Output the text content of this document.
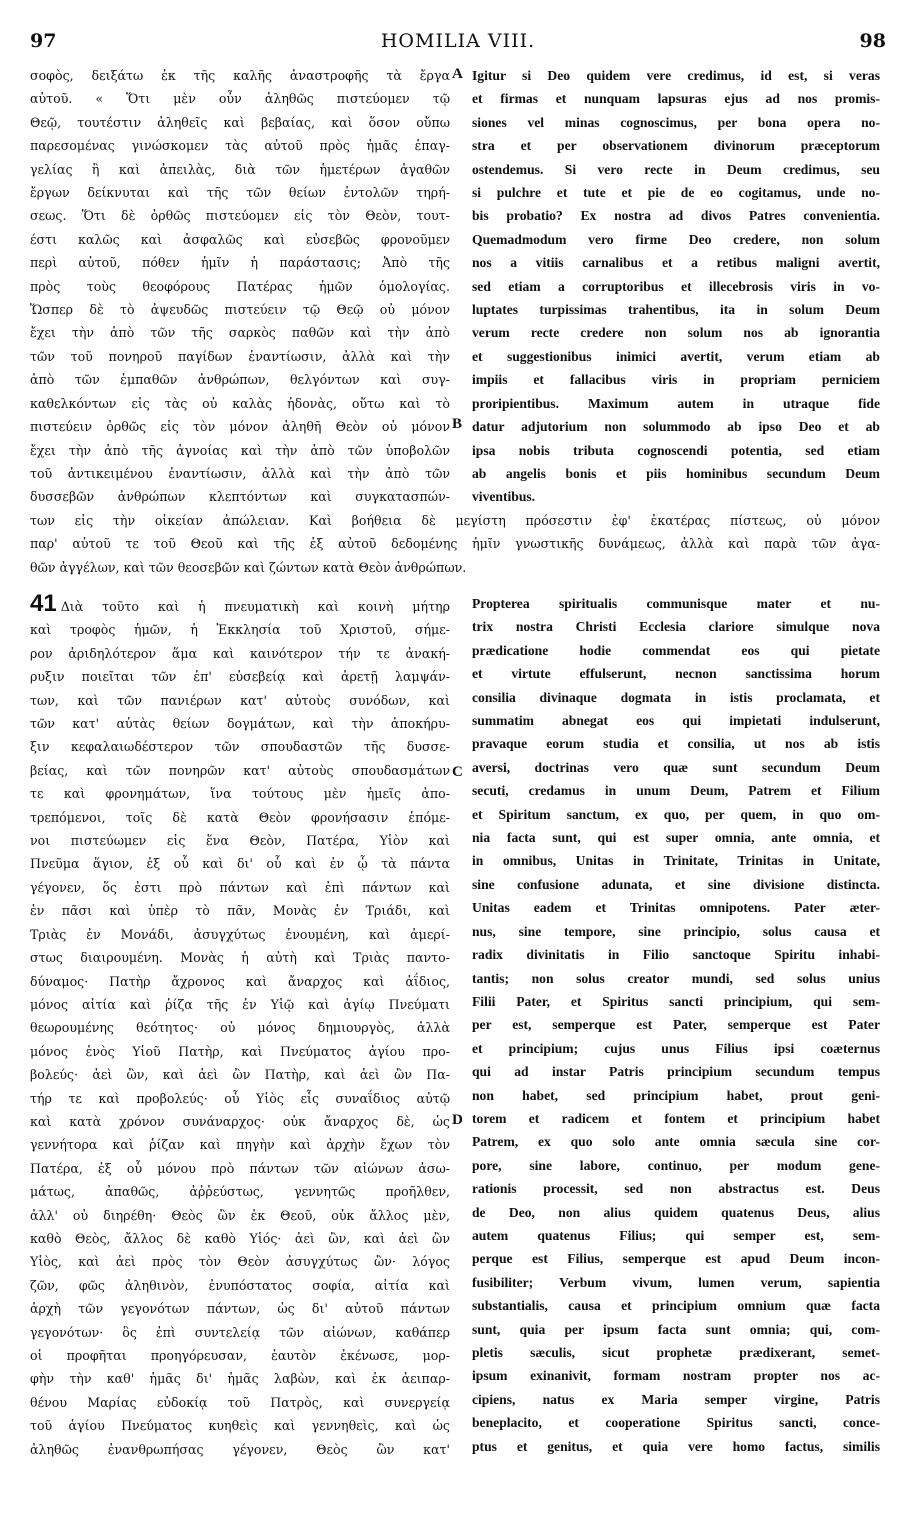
97	HOMILIA VIII.	98
σοφὸς, δειξάτω ἐκ τῆς καλῆς ἀναστροφῆς τὰ ἔργα
αὐτοῦ. « Ὅτι μὲν οὖν ἀληθῶς πιστεύομεν τῷ
Θεῷ, τουτέστιν ἀληθεῖς καὶ βεβαίας, καὶ ὅσον οὔπω
παρεσομένας γινώσκομεν τὰς αὐτοῦ πρὸς ἡμᾶς ἐπαγ-
γελίας ἢ καὶ ἀπειλὰς, διὰ τῶν ἡμετέρων ἀγαθῶν
ἔργων δείκνυται καὶ τῆς τῶν θείων ἐντολῶν τηρή-
σεως. Ὅτι δὲ ὀρθῶς πιστεύομεν εἰς τὸν Θεὸν, τουτ-
έστι καλῶς καὶ ἀσφαλῶς καὶ εὐσεβῶς φρονοῦμεν
περὶ αὐτοῦ, πόθεν ἡμῖν ἡ παράστασις; Ἀπὸ τῆς
πρὸς τοὺς θεοφόρους Πατέρας ἡμῶν ὁμολογίας.
Ὥσπερ δὲ τὸ ἀψευδῶς πιστεύειν τῷ Θεῷ οὐ μόνον
ἔχει τὴν ἀπὸ τῶν τῆς σαρκὸς παθῶν καὶ τὴν ἀπὸ
τῶν τοῦ πονηροῦ παγίδων ἐναντίωσιν, ἀλλὰ καὶ τὴν
ἀπὸ τῶν ἐμπαθῶν ἀνθρώπων, θελγόντων καὶ συγ-
καθελκόντων εἰς τὰς οὐ καλὰς ἡδονὰς, οὕτω καὶ τὸ
πιστεύειν ὀρθῶς εἰς τὸν μόνον ἀληθῆ Θεὸν οὐ μόνον
ἔχει τὴν ἀπὸ τῆς ἀγνοίας καὶ τὴν ἀπὸ τῶν ὑποβολῶν
τοῦ ἀντικειμένου ἐναντίωσιν, ἀλλὰ καὶ τὴν ἀπὸ τῶν
δυσσεβῶν ἀνθρώπων κλεπτόντων καὶ συγκατασπών-
Igitur si Deo quidem vere credimus, id est, si veras
et firmas et nunquam lapsuras ejus ad nos promis-
siones vel minas cognoscimus, per bona opera no-
stra et per observationem divinorum præceptorum
ostendemus. Si vero recte in Deum credimus, seu
si pulchre et tute et pie de eo cogitamus, unde no-
bis probatio? Ex nostra ad divos Patres convenientia.
Quemadmodum vero firme Deo credere, non solum
nos a vitiis carnalibus et a retibus maligni avertit,
sed etiam a corruptoribus et illecebrosis viris in vo-
luptates turpissimas trahentibus, ita in solum Deum
verum recte credere non solum nos ab ignorantia
et suggestionibus inimici avertit, verum etiam ab
impiis et fallacibus viris in propriam perniciem
proripientibus. Maximum autem in utraque fide
datur adjutorium non solummodo ab ipso Deo et ab
ipsa nobis tributa cognoscendi potentia, sed etiam
ab angelis bonis et piis hominibus secundum Deum
viventibus.
των εἰς τὴν οἰκείαν ἀπώλειαν. Καὶ βοήθεια δὲ μεγίστη πρόσεστιν ἐφ' ἑκατέρας πίστεως, οὐ μόνον
παρ' αὐτοῦ τε τοῦ Θεοῦ καὶ τῆς ἐξ αὐτοῦ δεδομένης ἡμῖν γνωστικῆς δυνάμεως, ἀλλὰ καὶ παρὰ τῶν ἀγα-
θῶν ἀγγέλων, καὶ τῶν θεοσεβῶν καὶ ζώντων κατὰ Θεὸν ἀνθρώπων.
41 Διὰ τοῦτο καὶ ἡ πνευματικὴ καὶ κοινὴ μήτηρ
καὶ τροφὸς ἡμῶν, ἡ Ἐκκλησία τοῦ Χριστοῦ, σήμε-
ρον ἀριδηλότερον ἅμα καὶ καινότερον τήν τε ἀνακή-
ρυξιν ποιεῖται τῶν ἐπ' εὐσεβείᾳ καὶ ἀρετῇ λαμψάν-
των, καὶ τῶν πανιέρων κατ' αὐτοὺς συνόδων, καὶ
τῶν κατ' αὐτὰς θείων δογμάτων, καὶ τὴν ἀποκήρυ-
ξιν κεφαλαιωδέστερον τῶν σπουδαστῶν τῆς δυσσε-
βείας, καὶ τῶν πονηρῶν κατ' αὐτοὺς σπουδασμάτων
τε καὶ φρονημάτων, ἵνα τούτους μὲν ἡμεῖς ἀπο-
τρεπόμενοι, τοῖς δὲ κατὰ Θεὸν φρονήσασιν ἑπόμε-
νοι πιστεύωμεν εἰς ἕνα Θεὸν, Πατέρα, Υἱὸν καὶ
Πνεῦμα ἅγιον, ἐξ οὗ καὶ δι' οὗ καὶ ἐν ᾧ τὰ πάντα
γέγονεν, ὅς ἐστι πρὸ πάντων καὶ ἐπὶ πάντων καὶ
ἐν πᾶσι καὶ ὑπὲρ τὸ πᾶν, Μονὰς ἐν Τριάδι, καὶ
Τριὰς ἐν Μονάδι, ἀσυγχύτως ἑνουμένη, καὶ ἀμερί-
στως διαιρουμένη. Μονὰς ἡ αὐτὴ καὶ Τριὰς παντο-
δύναμος· Πατὴρ ἄχρονος καὶ ἄναρχος καὶ ἀΐδιος,
μόνος αἰτία καὶ ῥίζα τῆς ἐν Υἱῷ καὶ ἁγίῳ Πνεύματι
θεωρουμένης θεότητος· οὐ μόνος δημιουργὸς, ἀλλὰ
μόνος ἑνὸς Υἱοῦ Πατὴρ, καὶ Πνεύματος ἁγίου προ-
βολεύς· ἀεὶ ὢν, καὶ ἀεὶ ὢν Πατὴρ, καὶ ἀεὶ ὢν Πα-
τήρ τε καὶ προβολεύς· οὗ Υἱὸς εἷς συναΐδιος αὐτῷ
καὶ κατὰ χρόνον συνάναρχος· οὐκ ἄναρχος δὲ, ὡς
γεννήτορα καὶ ῥίζαν καὶ πηγὴν καὶ ἀρχὴν ἔχων τὸν
Πατέρα, ἐξ οὗ μόνου πρὸ πάντων τῶν αἰώνων ἀσω-
μάτως, ἀπαθῶς, ἀῤῥεύστως, γεννητῶς προῆλθεν,
ἀλλ' οὐ διηρέθη· Θεὸς ὢν ἐκ Θεοῦ, οὐκ ἄλλος μὲν,
καθὸ Θεὸς, ἄλλος δὲ καθὸ Υἱός· ἀεὶ ὢν, καὶ ἀεὶ ὢν
Υἱὸς, καὶ ἀεὶ πρὸς τὸν Θεὸν ἀσυγχύτως ὢν· λόγος
ζῶν, φῶς ἀληθινὸν, ἐνυπόστατος σοφία, αἰτία καὶ
ἀρχὴ τῶν γεγονότων πάντων, ὡς δι' αὐτοῦ πάντων
γεγονότων· ὃς ἐπὶ συντελείᾳ τῶν αἰώνων, καθάπερ
οἱ προφῆται προηγόρευσαν, ἑαυτὸν ἐκένωσε, μορ-
φὴν τὴν καθ' ἡμᾶς δι' ἡμᾶς λαβὼν, καὶ ἐκ ἀειπαρ-
θένου Μαρίας εὐδοκίᾳ τοῦ Πατρὸς, καὶ συνεργείᾳ
τοῦ ἁγίου Πνεύματος κυηθεὶς καὶ γεννηθεὶς, καὶ ὡς
ἀληθῶς ἐνανθρωπήσας γέγονεν, Θεὸς ὢν κατ'
Propterea spiritualis communisque mater et nu-
trix nostra Christi Ecclesia clariore simulque nova
prædicatione hodie commendat eos qui pietate
et virtute effulserunt, necnon sanctissima horum
consilia divinaque dogmata in istis proclamata, et
summatim abnegat eos qui impietati indulserunt,
pravaque eorum studia et consilia, ut nos ab istis
aversi, doctrinas vero quæ sunt secundum Deum
secuti, credamus in unum Deum, Patrem et Filium
et Spiritum sanctum, ex quo, per quem, in quo om-
nia facta sunt, qui est super omnia, ante omnia, et
in omnibus, Unitas in Trinitate, Trinitas in Unitate,
sine confusione adunata, et sine divisione distincta.
Unitas eadem et Trinitas omnipotens. Pater æter-
nus, sine tempore, sine principio, solus causa et
radix divinitatis in Filio sanctoque Spiritu inhabi-
tantis; non solus creator mundi, sed solus unius
Filii Pater, et Spiritus sancti principium, qui sem-
per est, semperque est Pater, semperque est Pater
et principium; cujus unus Filius ipsi coæternus
qui ad instar Patris principium secundum tempus
non habet, sed principium habet, prout geni-
torem et radicem et fontem et principium habet
Patrem, ex quo solo ante omnia sæcula sine cor-
pore, sine labore, continuo, per modum gene-
rationis processit, sed non abstractus est. Deus
de Deo, non alius quidem quatenus Deus, alius
autem quatenus Filius; qui semper est, sem-
perque est Filius, semperque est apud Deum incon-
fusibiliter; Verbum vivum, lumen verum, sapientia
substantialis, causa et principium omnium quæ facta
sunt, quia per ipsum facta sunt omnia; qui, com-
pletis sæculis, sicut prophetæ prædixerant, semet-
ipsum exinanivit, formam nostram propter nos ac-
cipiens, natus ex Maria semper virgine, Patris
beneplacito, et cooperatione Spiritus sancti, conce-
ptus et genitus, et quia vere homo factus, similis
A
B
C
D
